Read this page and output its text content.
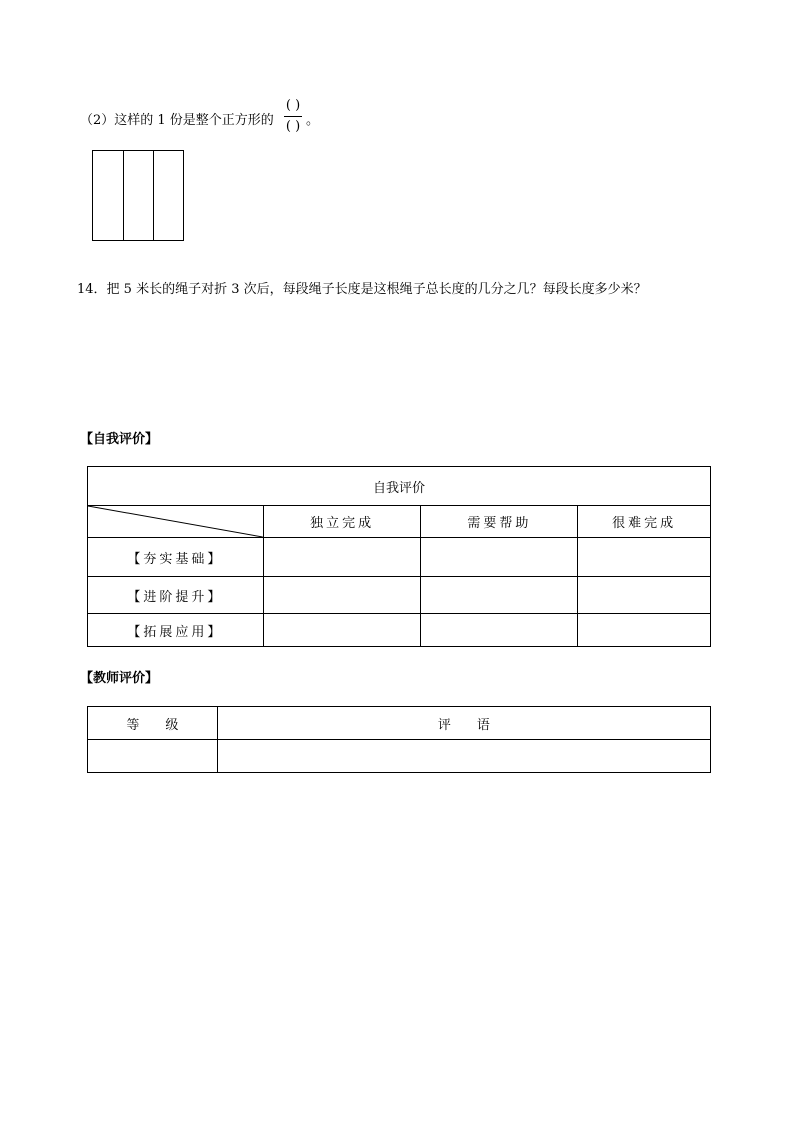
（2）这样的 1 份是整个正方形的
( )
( ) 。
14．把 5 米长的绳子对折 3 次后，每段绳子长度是这根绳子总长度的几分之几？每段长度多少米？
【自我评价】
自我评价			

	独立完成	需要帮助	很难完成
【夯实基础】			
【进阶提升】			
【拓展应用】			
【教师评价】
等　　级	评　　语
